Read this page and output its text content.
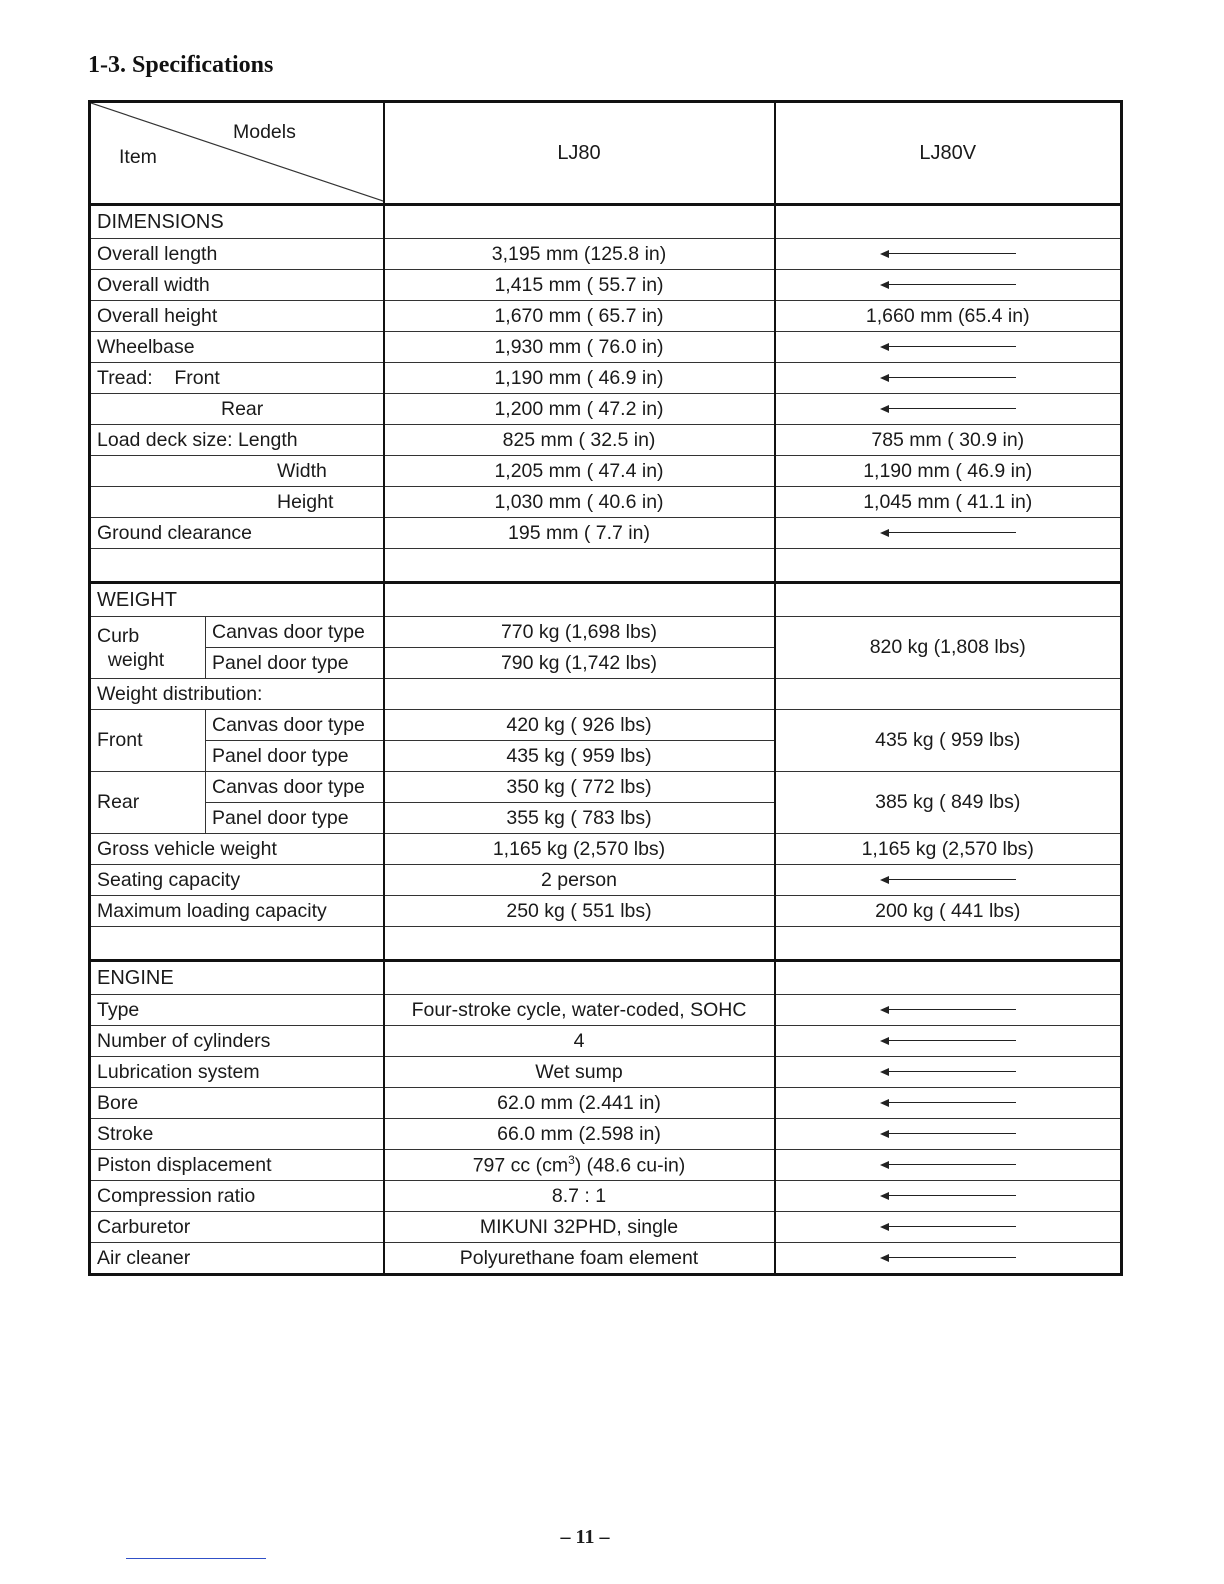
1-3. Specifications
Models
Item		LJ80	LJ80V
DIMENSIONS			
Overall length		3,195 mm (125.8 in)	
Overall width		1,415 mm ( 55.7 in)	
Overall height		1,670 mm ( 65.7 in)	1,660 mm (65.4 in)
Wheelbase		1,930 mm ( 76.0 in)	
Tread: Front		1,190 mm ( 46.9 in)	
Rear		1,200 mm ( 47.2 in)	
Load deck size: Length		825 mm ( 32.5 in)	785 mm ( 30.9 in)
Width		1,205 mm ( 47.4 in)	1,190 mm ( 46.9 in)
Height		1,030 mm ( 40.6 in)	1,045 mm ( 41.1 in)
Ground clearance		195 mm ( 7.7 in)	

WEIGHT			
Curb
weight	Canvas door type	770 kg (1,698 lbs)	820 kg (1,808 lbs)
	Panel door type	790 kg (1,742 lbs)	
Weight distribution:			
Front	Canvas door type	420 kg ( 926 lbs)	435 kg ( 959 lbs)
	Panel door type	435 kg ( 959 lbs)	
Rear	Canvas door type	350 kg ( 772 lbs)	385 kg ( 849 lbs)
	Panel door type	355 kg ( 783 lbs)	
Gross vehicle weight		1,165 kg (2,570 lbs)	1,165 kg (2,570 lbs)
Seating capacity		2 person	
Maximum loading capacity		250 kg ( 551 lbs)	200 kg ( 441 lbs)

ENGINE			
Type		Four-stroke cycle, water-coded, SOHC	
Number of cylinders		4	
Lubrication system		Wet sump	
Bore		62.0 mm (2.441 in)	
Stroke		66.0 mm (2.598 in)	
Piston displacement		797 cc $(cm^3)$ (48.6 cu-in)	
Compression ratio		8.7 : 1	
Carburetor		MIKUNI 32PHD, single	
Air cleaner		Polyurethane foam element	
– 11 –
